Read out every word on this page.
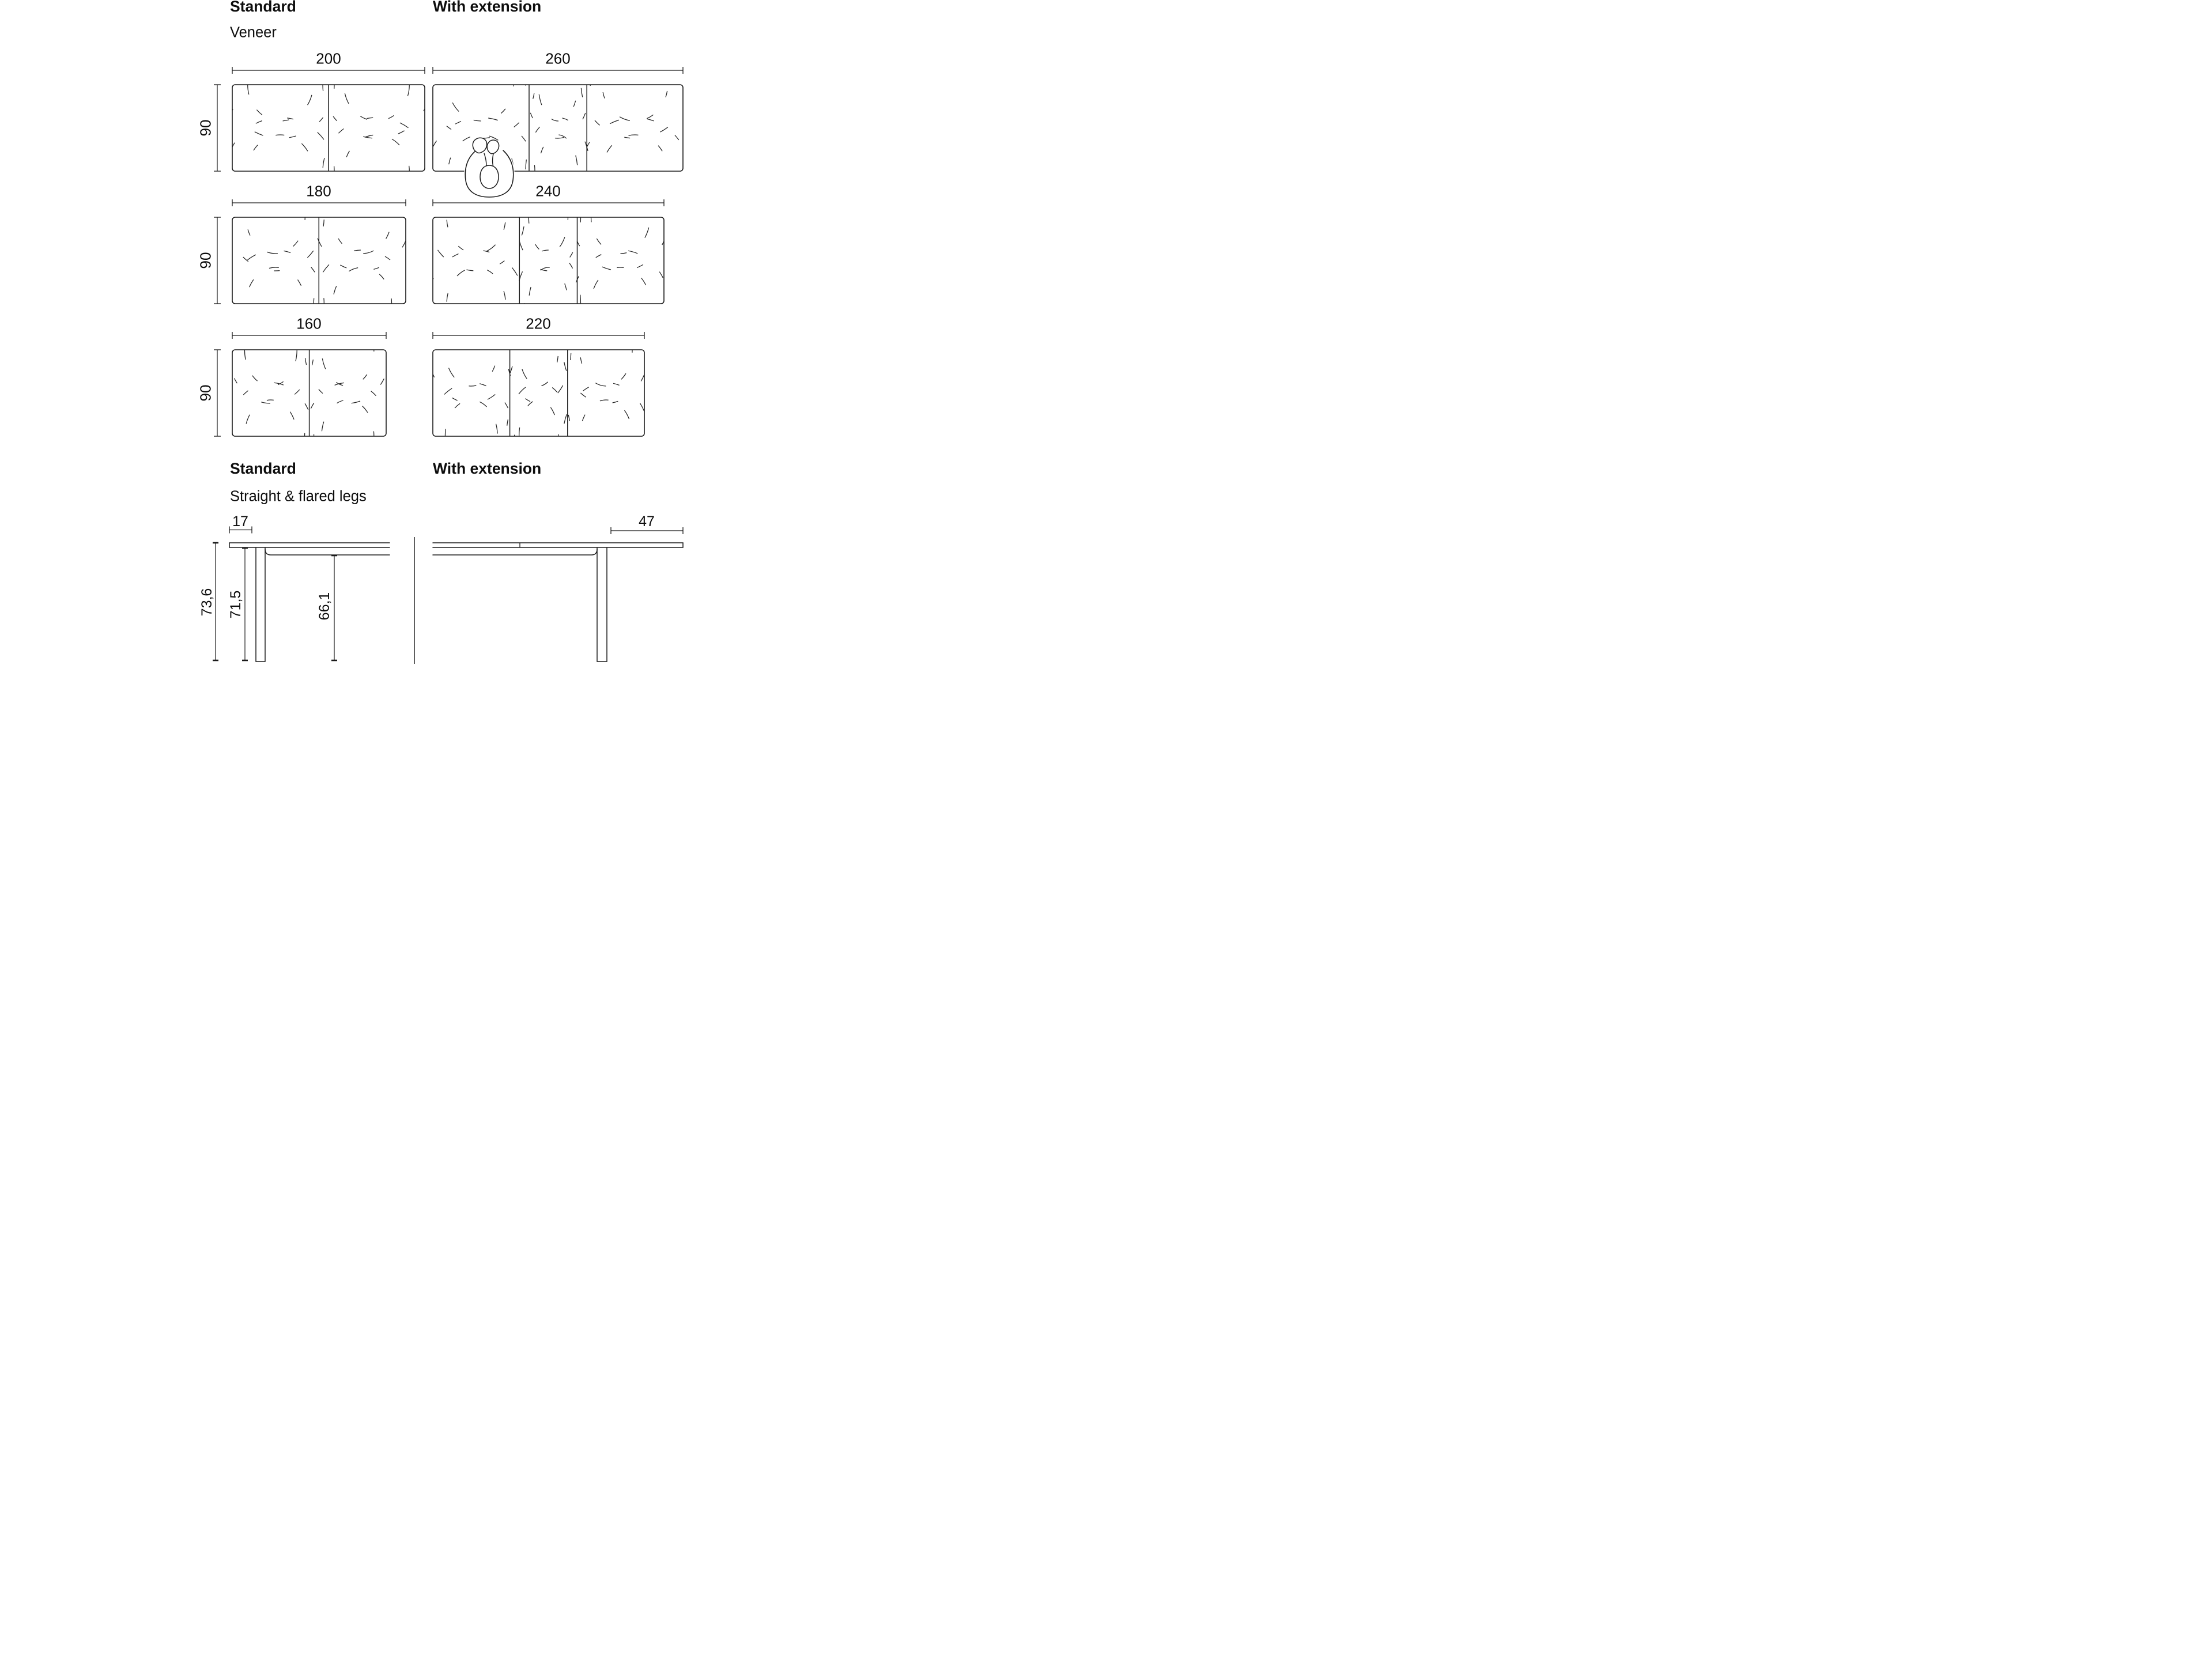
Standard	With extension
Veneer
200	260
180	240
160	220
90
90
90
Standard	With extension
Straight & flared legs
17	47
73,6 71,5	66,1
